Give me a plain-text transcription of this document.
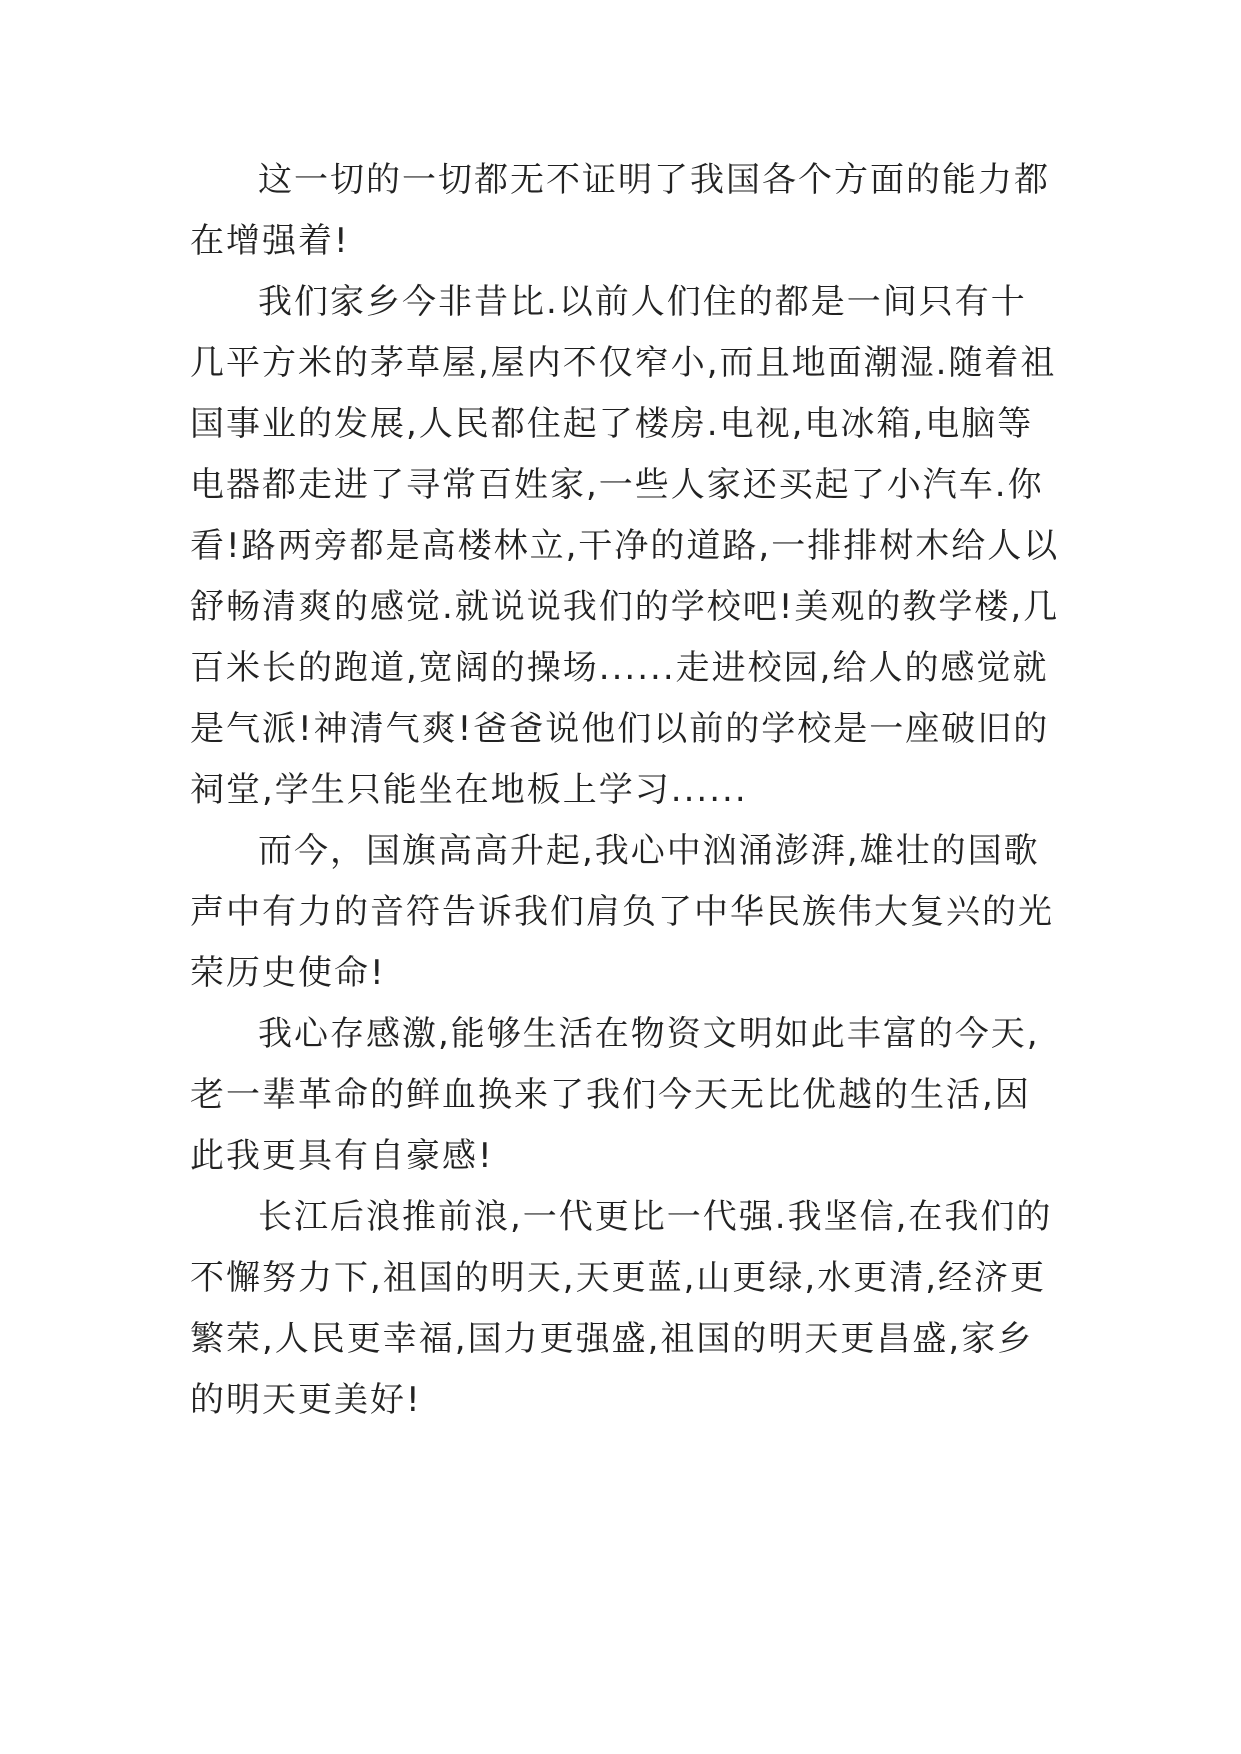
这一切的一切都无不证明了我国各个方面的能力都在增强着!

我们家乡今非昔比.以前人们住的都是一间只有十几平方米的茅草屋,屋内不仅窄小,而且地面潮湿.随着祖国事业的发展,人民都住起了楼房.电视,电冰箱,电脑等电器都走进了寻常百姓家,一些人家还买起了小汽车.你看!路两旁都是高楼林立,干净的道路,一排排树木给人以舒畅清爽的感觉.就说说我们的学校吧!美观的教学楼,几百米长的跑道,宽阔的操场......走进校园,给人的感觉就是气派!神清气爽!爸爸说他们以前的学校是一座破旧的祠堂,学生只能坐在地板上学习......

而今，国旗高高升起,我心中汹涌澎湃,雄壮的国歌声中有力的音符告诉我们肩负了中华民族伟大复兴的光荣历史使命!

我心存感激,能够生活在物资文明如此丰富的今天,老一辈革命的鲜血换来了我们今天无比优越的生活,因此我更具有自豪感!

长江后浪推前浪,一代更比一代强.我坚信,在我们的不懈努力下,祖国的明天,天更蓝,山更绿,水更清,经济更繁荣,人民更幸福,国力更强盛,祖国的明天更昌盛,家乡的明天更美好!
